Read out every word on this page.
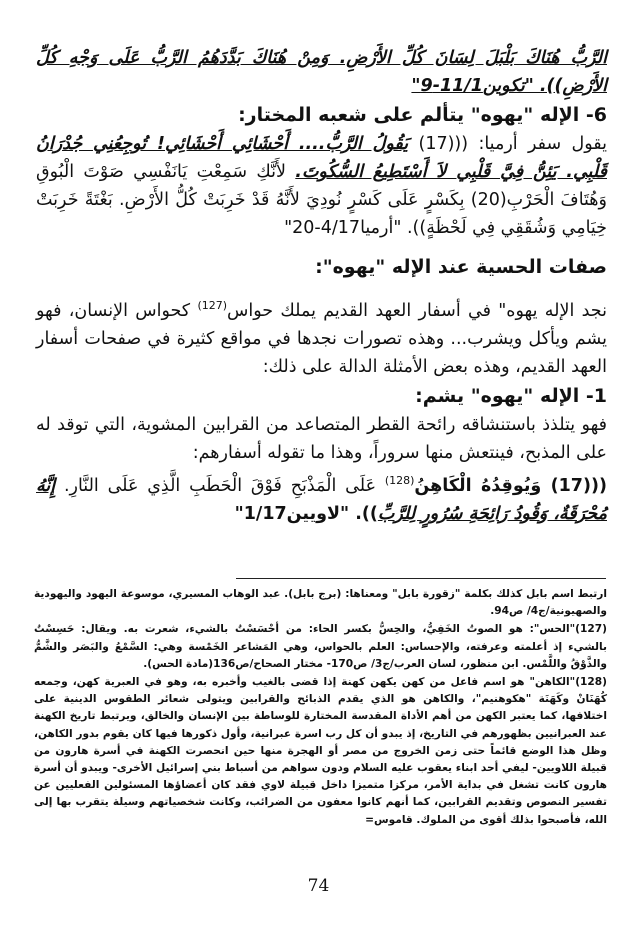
الرَّبُّ هُنَاكَ بَلْبَلَ لِسَانَ كُلِّ الأَرْضِ. وَمِنْ هُنَاكَ بَدَّدَهُمُ الرَّبُّ عَلَى وَجْهِ كُلِّ الأَرْضِ)). "تكوين11/1-9"

6- الإله "يهوه" يتألم على شعبه المختار:

يقول سفر أرميا: (((17) يَقُولُ الرَّبُّ.... أَحْشَائِي أَحْشَائِي! تُوجِعُنِي جُدْرَانُ قَلْبِي. يَئِنُّ فِيَّ قَلْبِي لاَ أَسْتَطِيعُ السُّكُوتَ. لأَنَّكِ سَمِعْتِ يَانَفْسِي صَوْتَ الْبُوقِ وَهُتَافَ الْحَرْبِ(20) بِكَسْرٍ عَلَى كَسْرٍ نُودِيَ لأَنَّهُ قَدْ خَرِبَتْ كُلُّ الأَرْضِ. بَغْتَةً خَرِبَتْ خِيَامِي وَشُقَقِي فِي لَحْظَةٍ)). "أرميا4/17-20"

صفات الحسية عند الإله "يهوه":

نجد الإله يهوه" في أسفار العهد القديم يملك حواس$^{(127)}$ كحواس الإنسان، فهو يشم ويأكل ويشرب... وهذه تصورات نجدها في مواقع كثيرة في صفحات أسفار العهد القديم، وهذه بعض الأمثلة الدالة على ذلك:

1- الإله "يهوه" يشم:

فهو يتلذذ باستنشاقه رائحة القطر المتصاعد من القرابين المشوية، التي توقد له على المذبح، فينتعش منها سروراً، وهذا ما تقوله أسفارهم:

(((17) وَيُوقِدُهُ الْكَاهِنُ$^{(128)}$ عَلَى الْمَذْبَحِ فَوْقَ الْحَطَبِ الَّذِي عَلَى النَّارِ. إِنَّهُ مُحْرَقَةٌ، وَقُودُ رَائِحَةِ سُرُورٍ لِلرَّبِّ)). "لاويين1/17"

ارتبط اسم بابل كذلك بكلمة "زقورة بابل" ومعناها: (برج بابل). عبد الوهاب المسيري، موسوعة اليهود واليهودية والصهيونية/ج4/ ص94.

(127)"الحس": هو الصوتُ الخَفِيُّ، والحِسُّ بكسر الحاء: من أحْسَسْتُ بالشيء، شعرت به. ويقال: حَسِسْتُ بالشيء إذ أعلمته وعرفته، والإحساس: العلم بالحواس، وهي المَشاعر الخَمْسة وهي: السَّمْعُ والبَصَر والشَّمُّ والذَّوْقُ واللَّمْس. ابن منظور، لسان العرب/ج3/ ص170- مختار الصحاح/ص136(مادة الحس).

(128)"الكاهن" هو اسم فاعل من كهن يكهن كهنة إذا قضى بالغيب وأخبره به، وهو في العبرية كهن، وجمعه كُهَنَانْ وكَهَنَة "هكوهنيم"، والكاهن هو الذي يقدم الذبائح والقرابين ويتولى شعائر الطقوس الدينية على اختلافها، كما يعتبر الكهن من أهم الأداة المقدسة المختارة للوساطة بين الإنسان والخالق، ويرتبط تاريخ الكهنة عند العبرانيين بظهورهم في التاريخ، إذ يبدو أن كل رب اسرة عبرانية، وأول ذكورها فيها كان يقوم بدور الكاهن، وظل هذا الوضع قائماً حتى زمن الخروج من مصر أو الهجرة منها حين انحصرت الكهنة في أسرة هارون من قبيلة اللاويين- ليفي أحد ابناء يعقوب عليه السلام ودون سواهم من أسباط بني إسرائيل الأخرى- ويبدو أن أسرة هارون كانت تشغل في بداية الأمر، مركزا متميزا داخل قبيلة لاوي فقد كان أعضاؤها المسئولين الفعليين عن تفسير النصوص وتقديم القرابين، كما أنهم كانوا معفون من الضرائب، وكانت شخصياتهم وسيلة يتقرب بها إلى الله، فأصبحوا بذلك أقوى من الملوك. قاموس=

74
